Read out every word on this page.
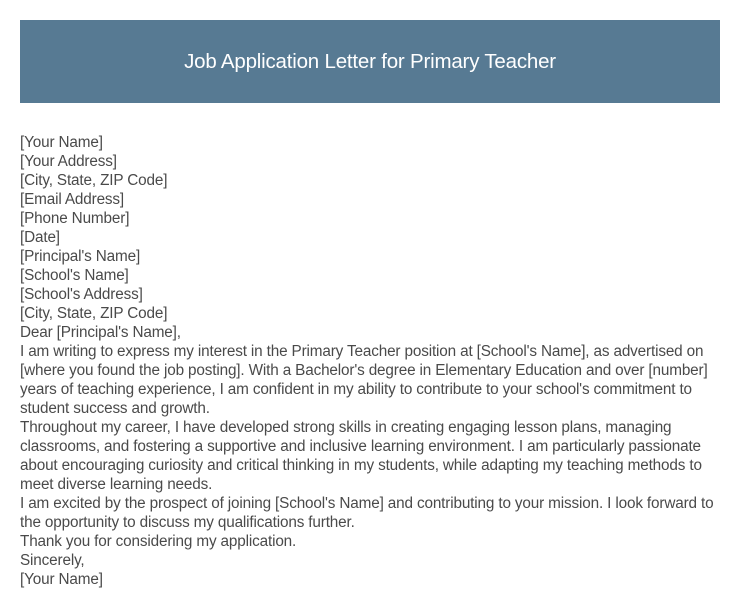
Job Application Letter for Primary Teacher
[Your Name]
[Your Address]
[City, State, ZIP Code]
[Email Address]
[Phone Number]
[Date]
[Principal's Name]
[School's Name]
[School's Address]
[City, State, ZIP Code]
Dear [Principal's Name],
I am writing to express my interest in the Primary Teacher position at [School's Name], as advertised on [where you found the job posting]. With a Bachelor's degree in Elementary Education and over [number] years of teaching experience, I am confident in my ability to contribute to your school's commitment to student success and growth.
Throughout my career, I have developed strong skills in creating engaging lesson plans, managing classrooms, and fostering a supportive and inclusive learning environment. I am particularly passionate about encouraging curiosity and critical thinking in my students, while adapting my teaching methods to meet diverse learning needs.
I am excited by the prospect of joining [School's Name] and contributing to your mission. I look forward to the opportunity to discuss my qualifications further.
Thank you for considering my application.
Sincerely,
[Your Name]
